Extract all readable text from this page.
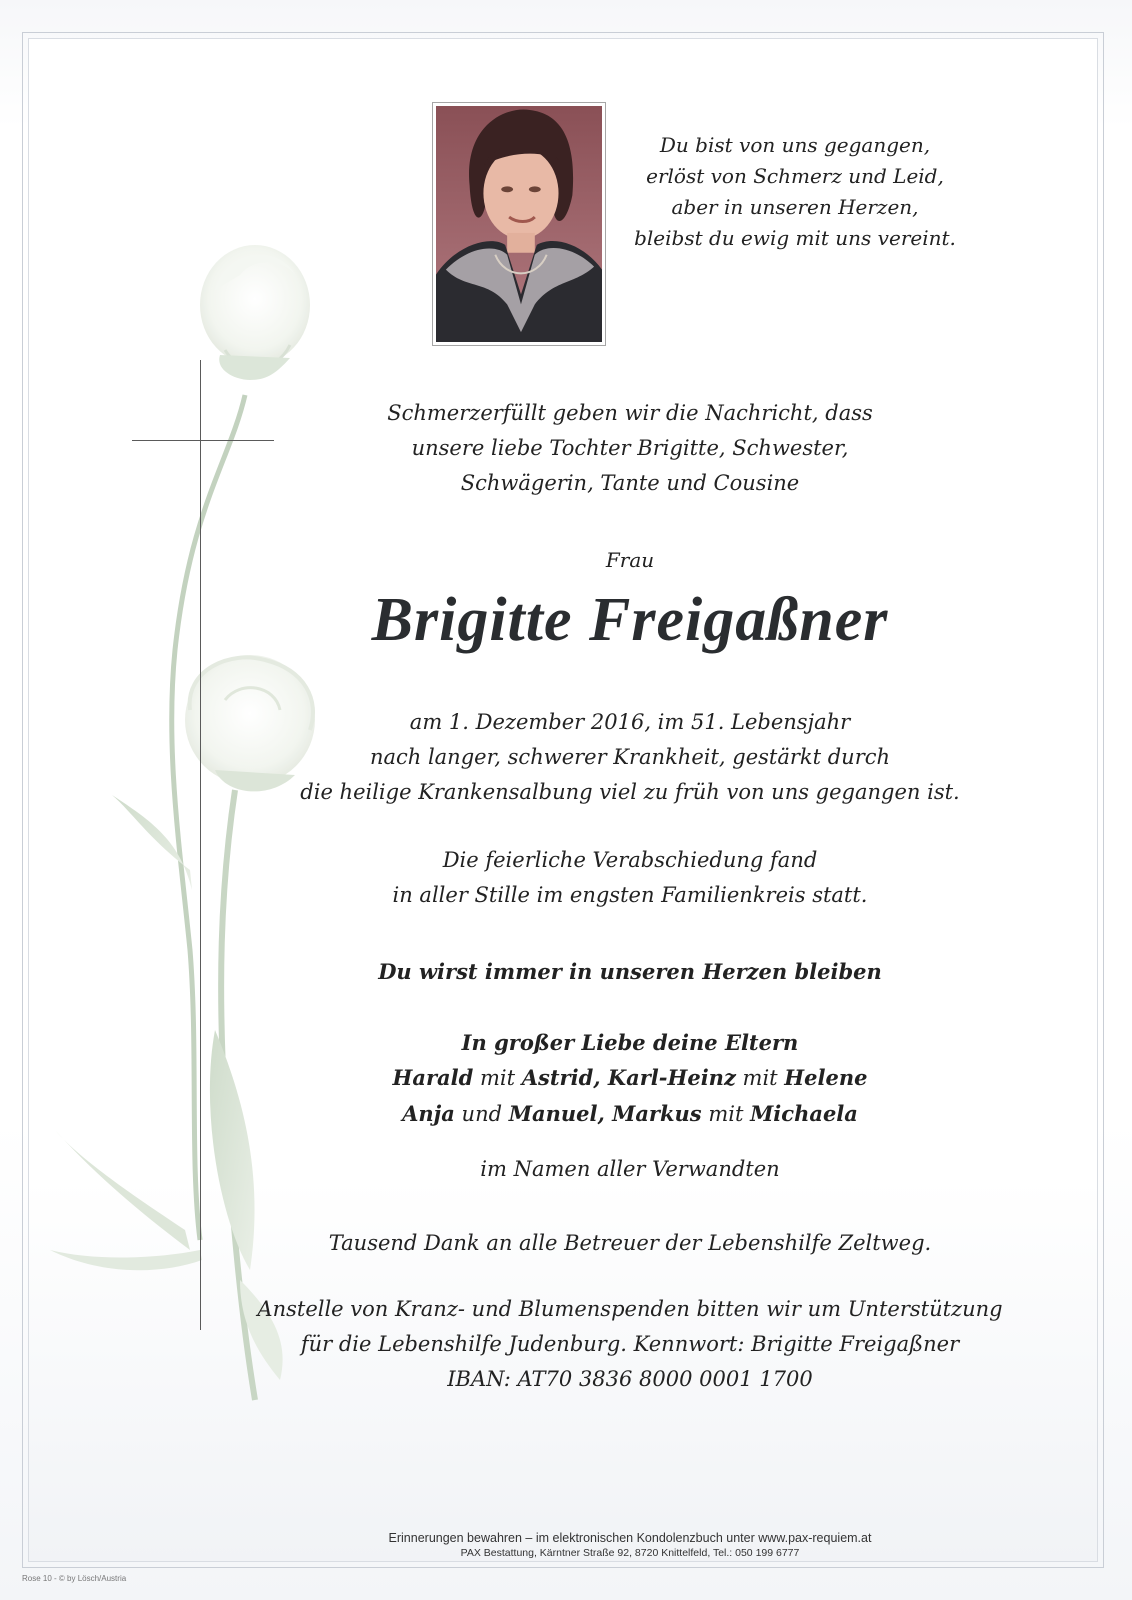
Du bist von uns gegangen,
erlöst von Schmerz und Leid,
aber in unseren Herzen,
bleibst du ewig mit uns vereint.
Schmerzerfüllt geben wir die Nachricht, dass
unsere liebe Tochter Brigitte, Schwester,
Schwägerin, Tante und Cousine
Frau
Brigitte Freigaßner
am 1. Dezember 2016, im 51. Lebensjahr
nach langer, schwerer Krankheit, gestärkt durch
die heilige Krankensalbung viel zu früh von uns gegangen ist.
Die feierliche Verabschiedung fand
in aller Stille im engsten Familienkreis statt.
Du wirst immer in unseren Herzen bleiben
In großer Liebe deine Eltern
Harald mit Astrid, Karl-Heinz mit Helene
Anja und Manuel, Markus mit Michaela
im Namen aller Verwandten
Tausend Dank an alle Betreuer der Lebenshilfe Zeltweg.
Anstelle von Kranz- und Blumenspenden bitten wir um Unterstützung
für die Lebenshilfe Judenburg. Kennwort: Brigitte Freigaßner
IBAN: AT70 3836 8000 0001 1700
Erinnerungen bewahren – im elektronischen Kondolenzbuch unter www.pax-requiem.at
PAX Bestattung, Kärntner Straße 92, 8720 Knittelfeld, Tel.: 050 199 6777
Rose 10 - © by Lösch/Austria
